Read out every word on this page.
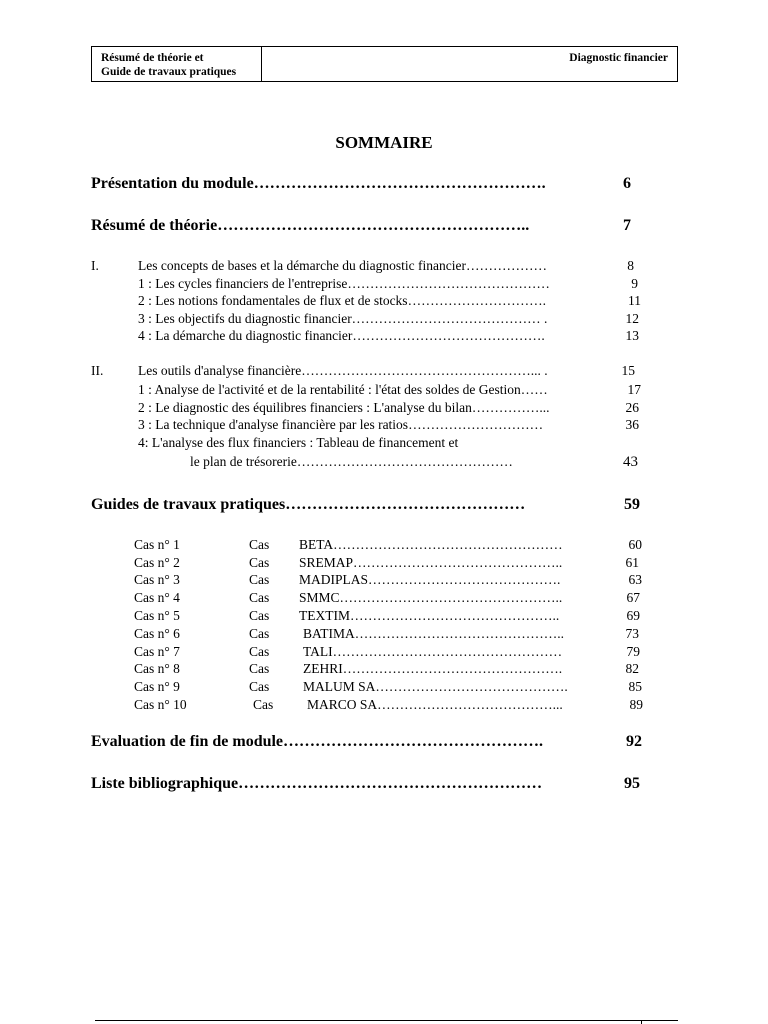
Résumé de théorie et
Guide de travaux pratiques
Diagnostic financier
SOMMAIRE
Présentation du module……………………………………………….	6
Résumé de théorie…………………………………………………..	7
I.	Les concepts de bases et la démarche du diagnostic financier………………	8
1 : Les cycles financiers de l'entreprise………………………………………	9
2 : Les notions fondamentales de flux et de stocks………………………….	11
3 : Les objectifs du diagnostic financier…………………………………… .	12
4 : La démarche du diagnostic financier…………………………………….	13
II.	Les outils d'analyse financière……………………………………………... .	15
1 : Analyse de l'activité et de la rentabilité : l'état des soldes de Gestion……	17
2 : Le diagnostic des équilibres financiers : L'analyse du bilan……………...	26
3 : La technique d'analyse financière par les ratios…………………………	36
4: L'analyse des flux financiers : Tableau de financement et
le plan de trésorerie…………………………………………	43
Guides de travaux pratiques………………………………………	59
Cas n° 1	Cas BETA……………………………………………	60
Cas n° 2	Cas SREMAP………………………………………..	61
Cas n° 3	Cas MADIPLAS…………………………………….	63
Cas n° 4	Cas SMMC…………………………………………..	67
Cas n° 5	Cas TEXTIM………………………………………..	69
Cas n° 6	Cas	BATIMA………………………………………..	73
Cas n° 7	Cas	TALI……………………………………………	79
Cas n° 8	Cas	ZEHRI………………………………………….	82
Cas n° 9	Cas	MALUM SA…………………………………….	85
Cas n° 10	Cas	MARCO SA…………………………………...	89
Evaluation de fin de module………………………………………….	92
Liste bibliographique…………………………………………………	95
